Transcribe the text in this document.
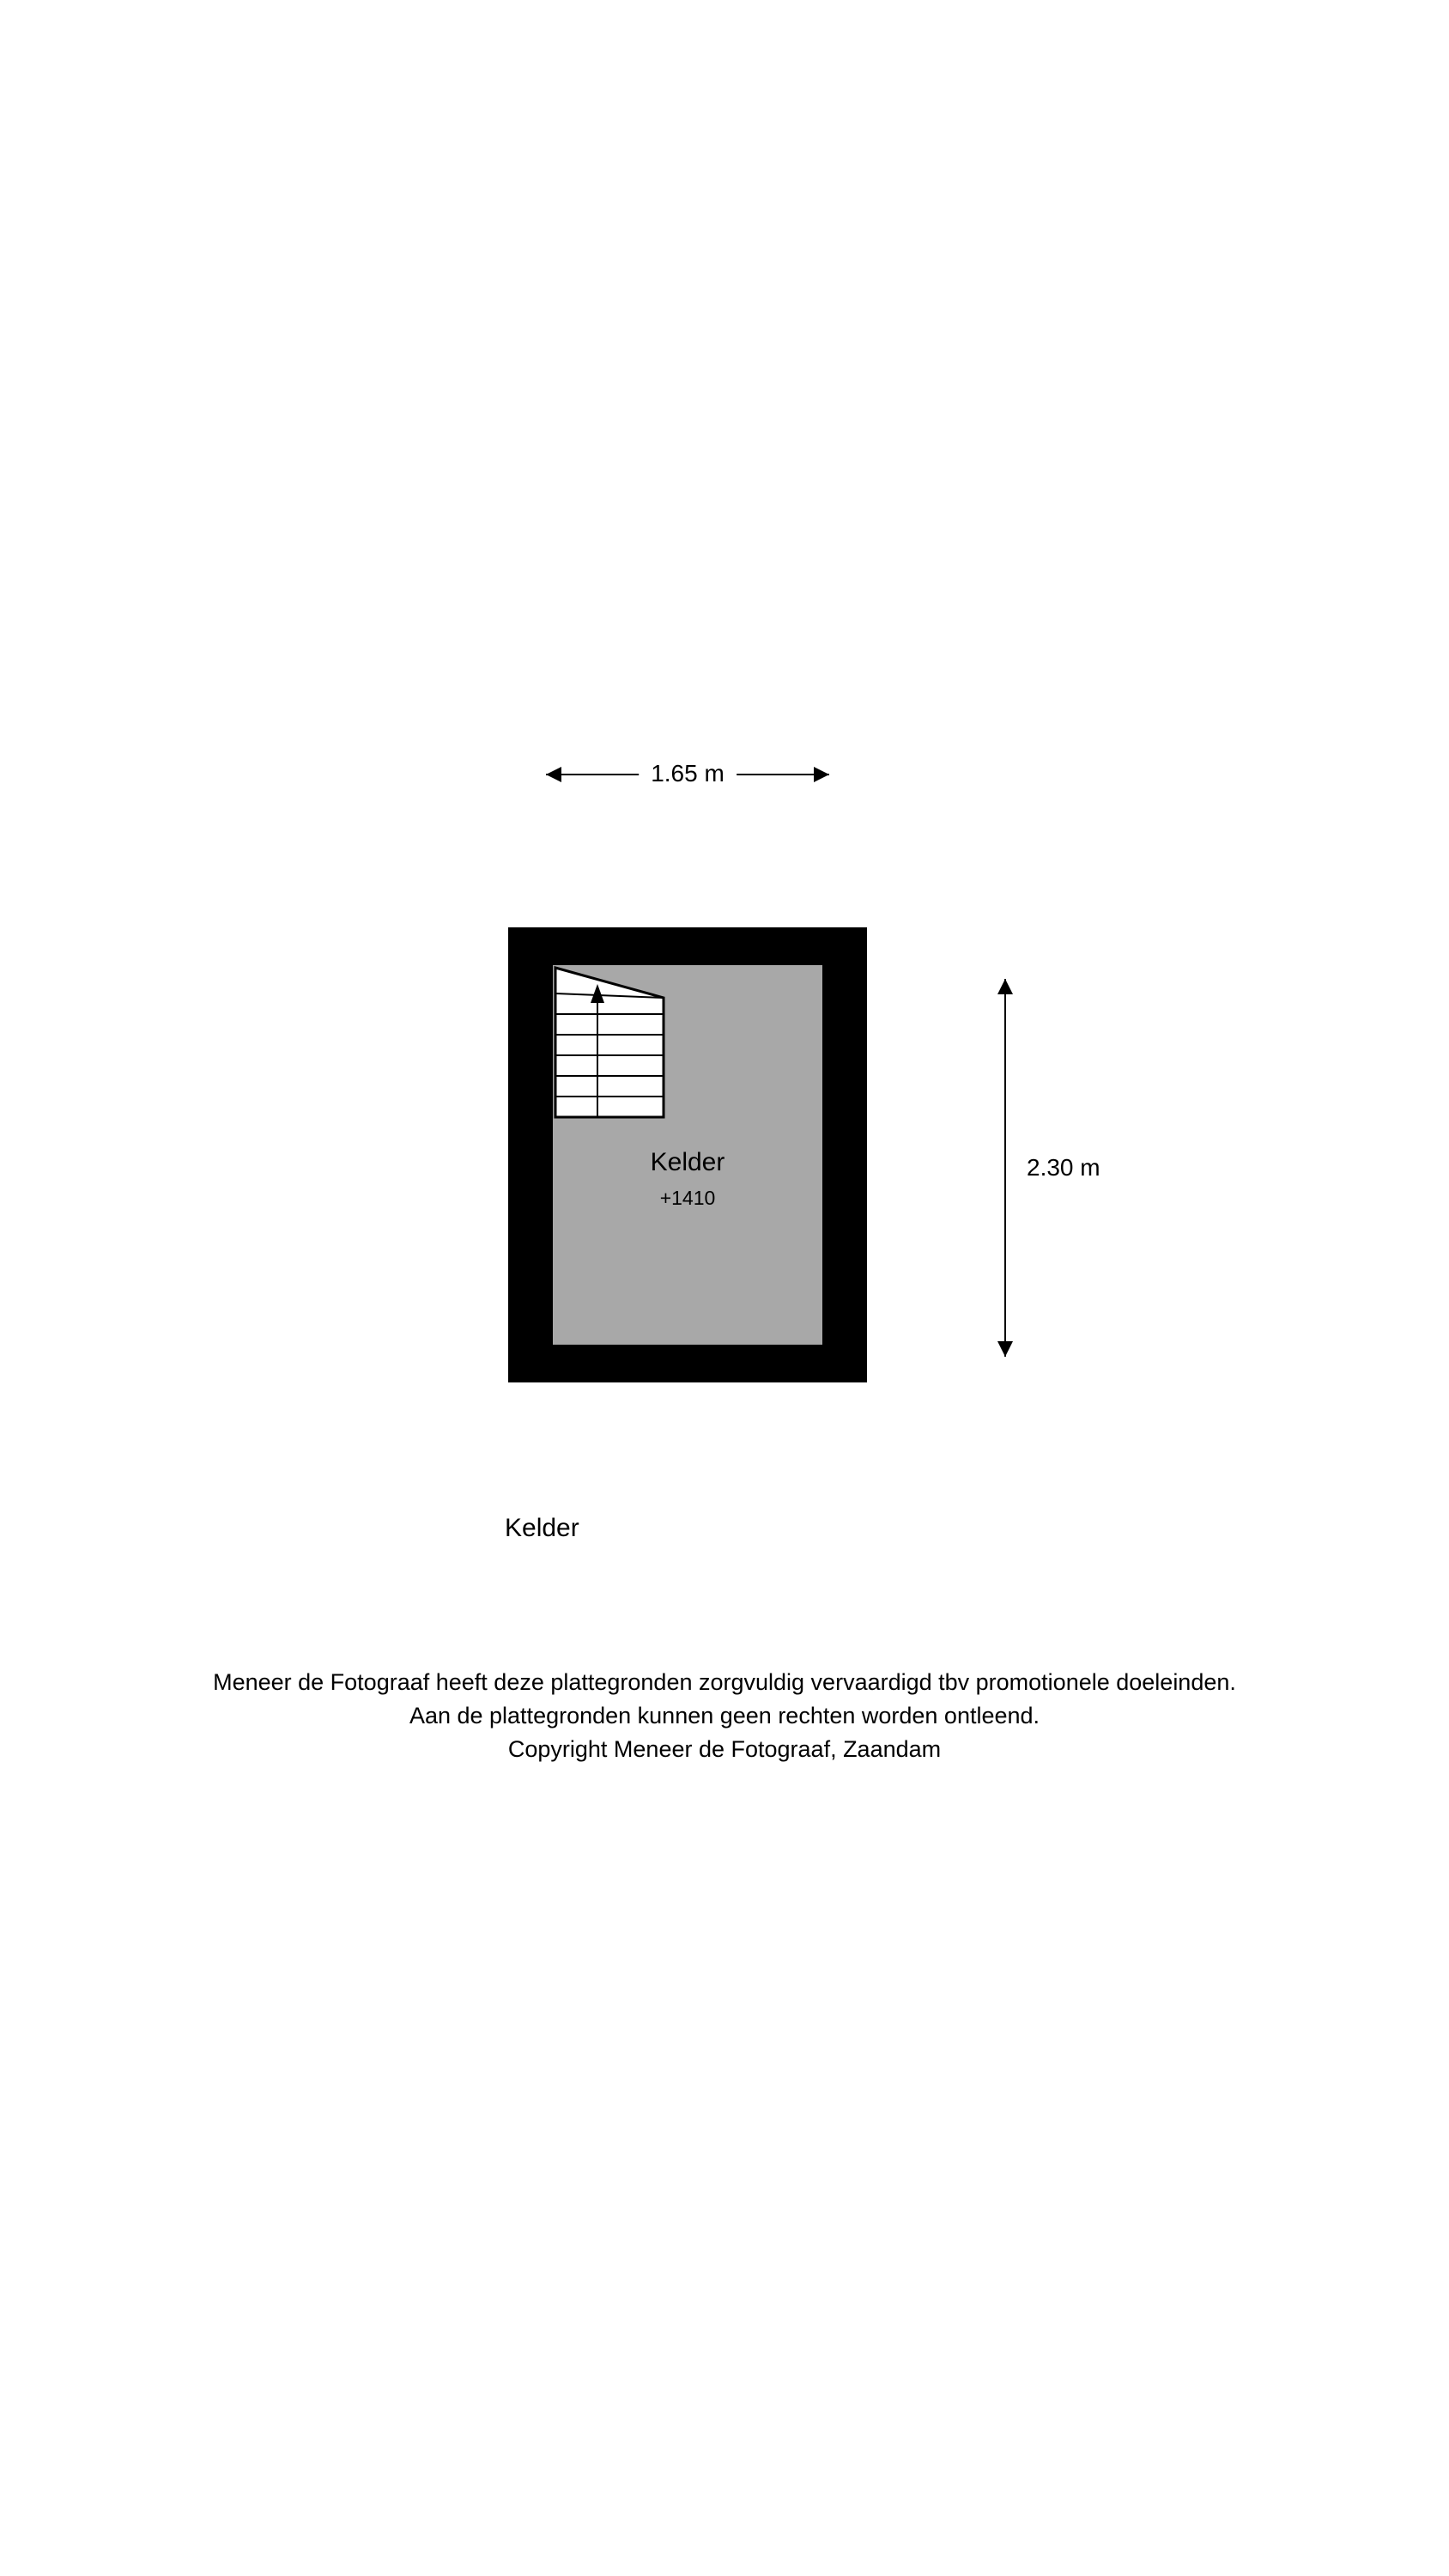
1.65 m
2.30 m
Kelder
+1410
Kelder
Meneer de Fotograaf heeft deze plattegronden zorgvuldig vervaardigd tbv promotionele doeleinden.
Aan de plattegronden kunnen geen rechten worden ontleend.
Copyright Meneer de Fotograaf, Zaandam
